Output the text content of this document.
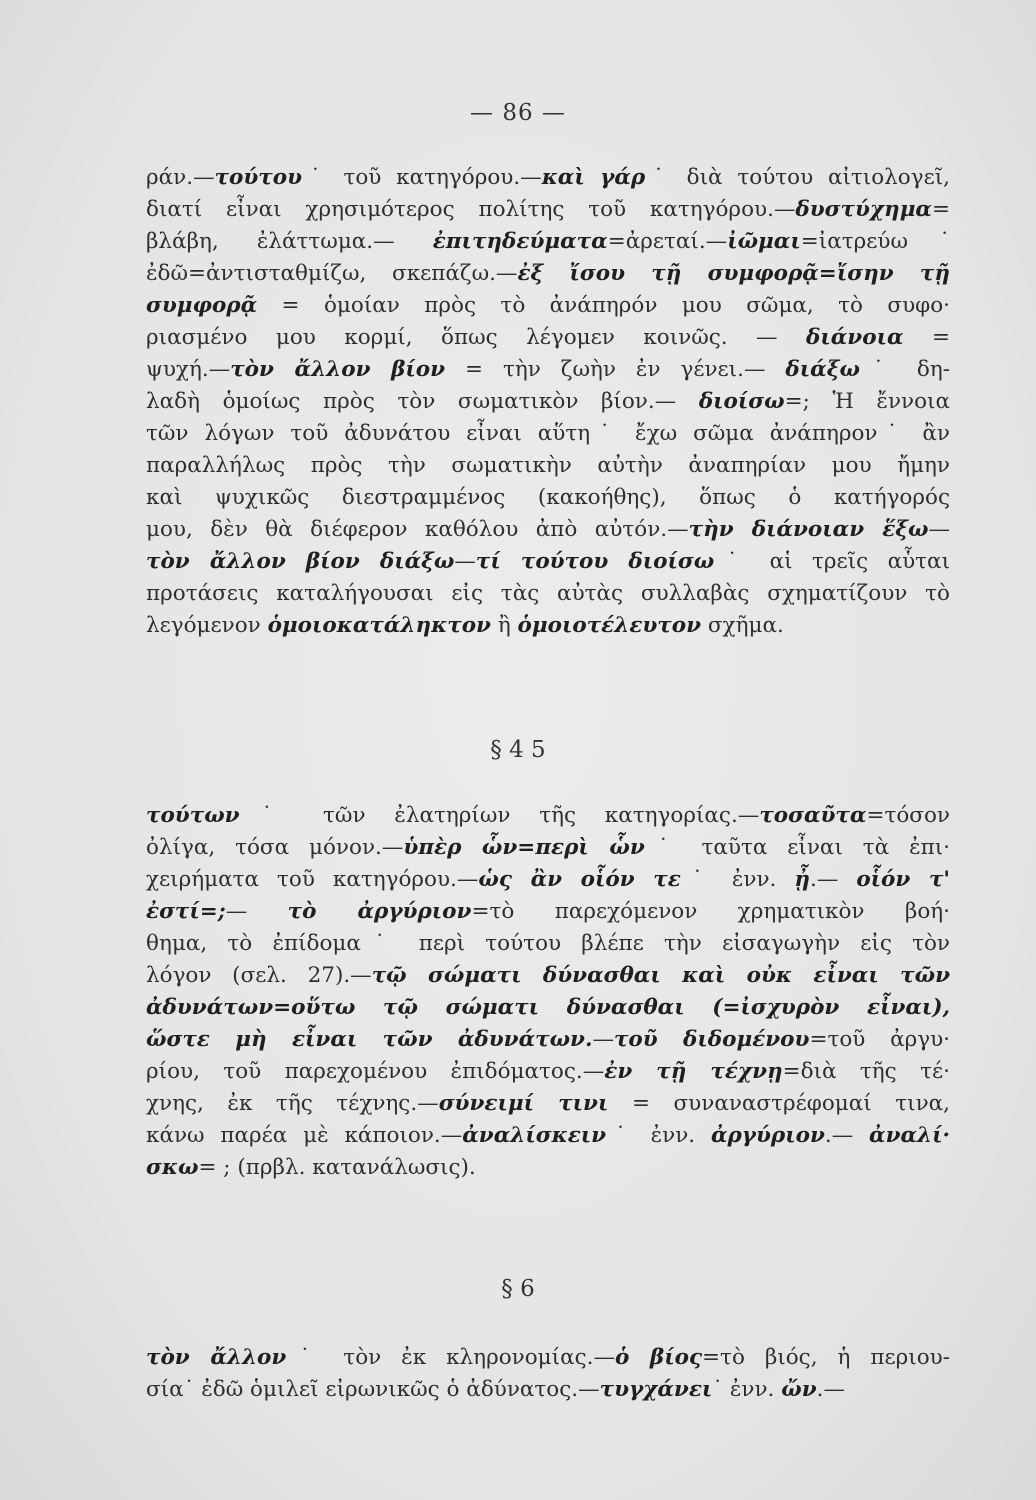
— 86 —
ράν.—τούτου˙ τοῦ κατηγόρου.—καὶ γάρ˙ διὰ τούτου αἰτιολογεῖ,
διατί εἶναι χρησιμότερος πολίτης τοῦ κατηγόρου.—δυστύχημα=
βλάβη, ἐλάττωμα.— ἐπιτηδεύματα=ἀρεταί.—ἰῶμαι=ἰατρεύω˙
ἐδῶ=ἀντισταθμίζω, σκεπάζω.—ἐξ ἴσου τῇ συμφορᾷ=ἴσην τῇ
συμφορᾷ = ὁμοίαν πρὸς τὸ ἀνάπηρόν μου σῶμα, τὸ συφο·
ριασμένο μου κορμί, ὅπως λέγομεν κοινῶς. — διάνοια =
ψυχή.—τὸν ἄλλον βίον = τὴν ζωὴν ἐν γένει.— διάξω˙ δη-
λαδὴ ὁμοίως πρὸς τὸν σωματικὸν βίον.— διοίσω=; Ἡ ἔννοια
τῶν λόγων τοῦ ἀδυνάτου εἶναι αὕτη˙ ἔχω σῶμα ἀνάπηρον˙ ἂν
παραλλήλως πρὸς τὴν σωματικὴν αὐτὴν ἀναπηρίαν μου ἤμην
καὶ ψυχικῶς διεστραμμένος (κακοήθης), ὅπως ὁ κατήγορός
μου, δὲν θὰ διέφερον καθόλου ἀπὸ αὐτόν.—τὴν διάνοιαν ἕξω—
τὸν ἄλλον βίον διάξω—τί τούτου διοίσω˙ αἱ τρεῖς αὗται
προτάσεις καταλήγουσαι εἰς τὰς αὐτὰς συλλαβὰς σχηματίζουν τὸ
λεγόμενον ὁμοιοκατάληκτον ἢ ὁμοιοτέλευτον σχῆμα.
§ 4 5
τούτων˙ τῶν ἐλατηρίων τῆς κατηγορίας.—τοσαῦτα=τόσον
ὀλίγα, τόσα μόνον.—ὑπὲρ ὧν=περὶ ὧν˙ ταῦτα εἶναι τὰ ἐπι·
χειρήματα τοῦ κατηγόρου.—ὡς ἂν οἷόν τε˙ ἐνν. ᾖ.— οἷόν τ'
ἐστί=;— τὸ ἀργύριον=τὸ παρεχόμενον χρηματικὸν βοή·
θημα, τὸ ἐπίδομα˙ περὶ τούτου βλέπε τὴν εἰσαγωγὴν εἰς τὸν
λόγον (σελ. 27).—τῷ σώματι δύνασθαι καὶ οὐκ εἶναι τῶν
ἀδυνάτων=οὕτω τῷ σώματι δύνασθαι (=ἰσχυρὸν εἶναι),
ὥστε μὴ εἶναι τῶν ἀδυνάτων.—τοῦ διδομένου=τοῦ ἀργυ·
ρίου, τοῦ παρεχομένου ἐπιδόματος.—ἐν τῇ τέχνῃ=διὰ τῆς τέ·
χνης, ἐκ τῆς τέχνης.—σύνειμί τινι = συναναστρέφομαί τινα,
κάνω παρέα μὲ κάποιον.—ἀναλίσκειν˙ ἐνν. ἀργύριον.— ἀναλί·
σκω= ; (πρβλ. κατανάλωσις).
§ 6
τὸν ἄλλον˙ τὸν ἐκ κληρονομίας.—ὁ βίος=τὸ βιός, ἡ περιου-
σία˙ ἐδῶ ὁμιλεῖ εἰρωνικῶς ὁ ἀδύνατος.—τυγχάνει˙ ἐνν. ὤν.—
